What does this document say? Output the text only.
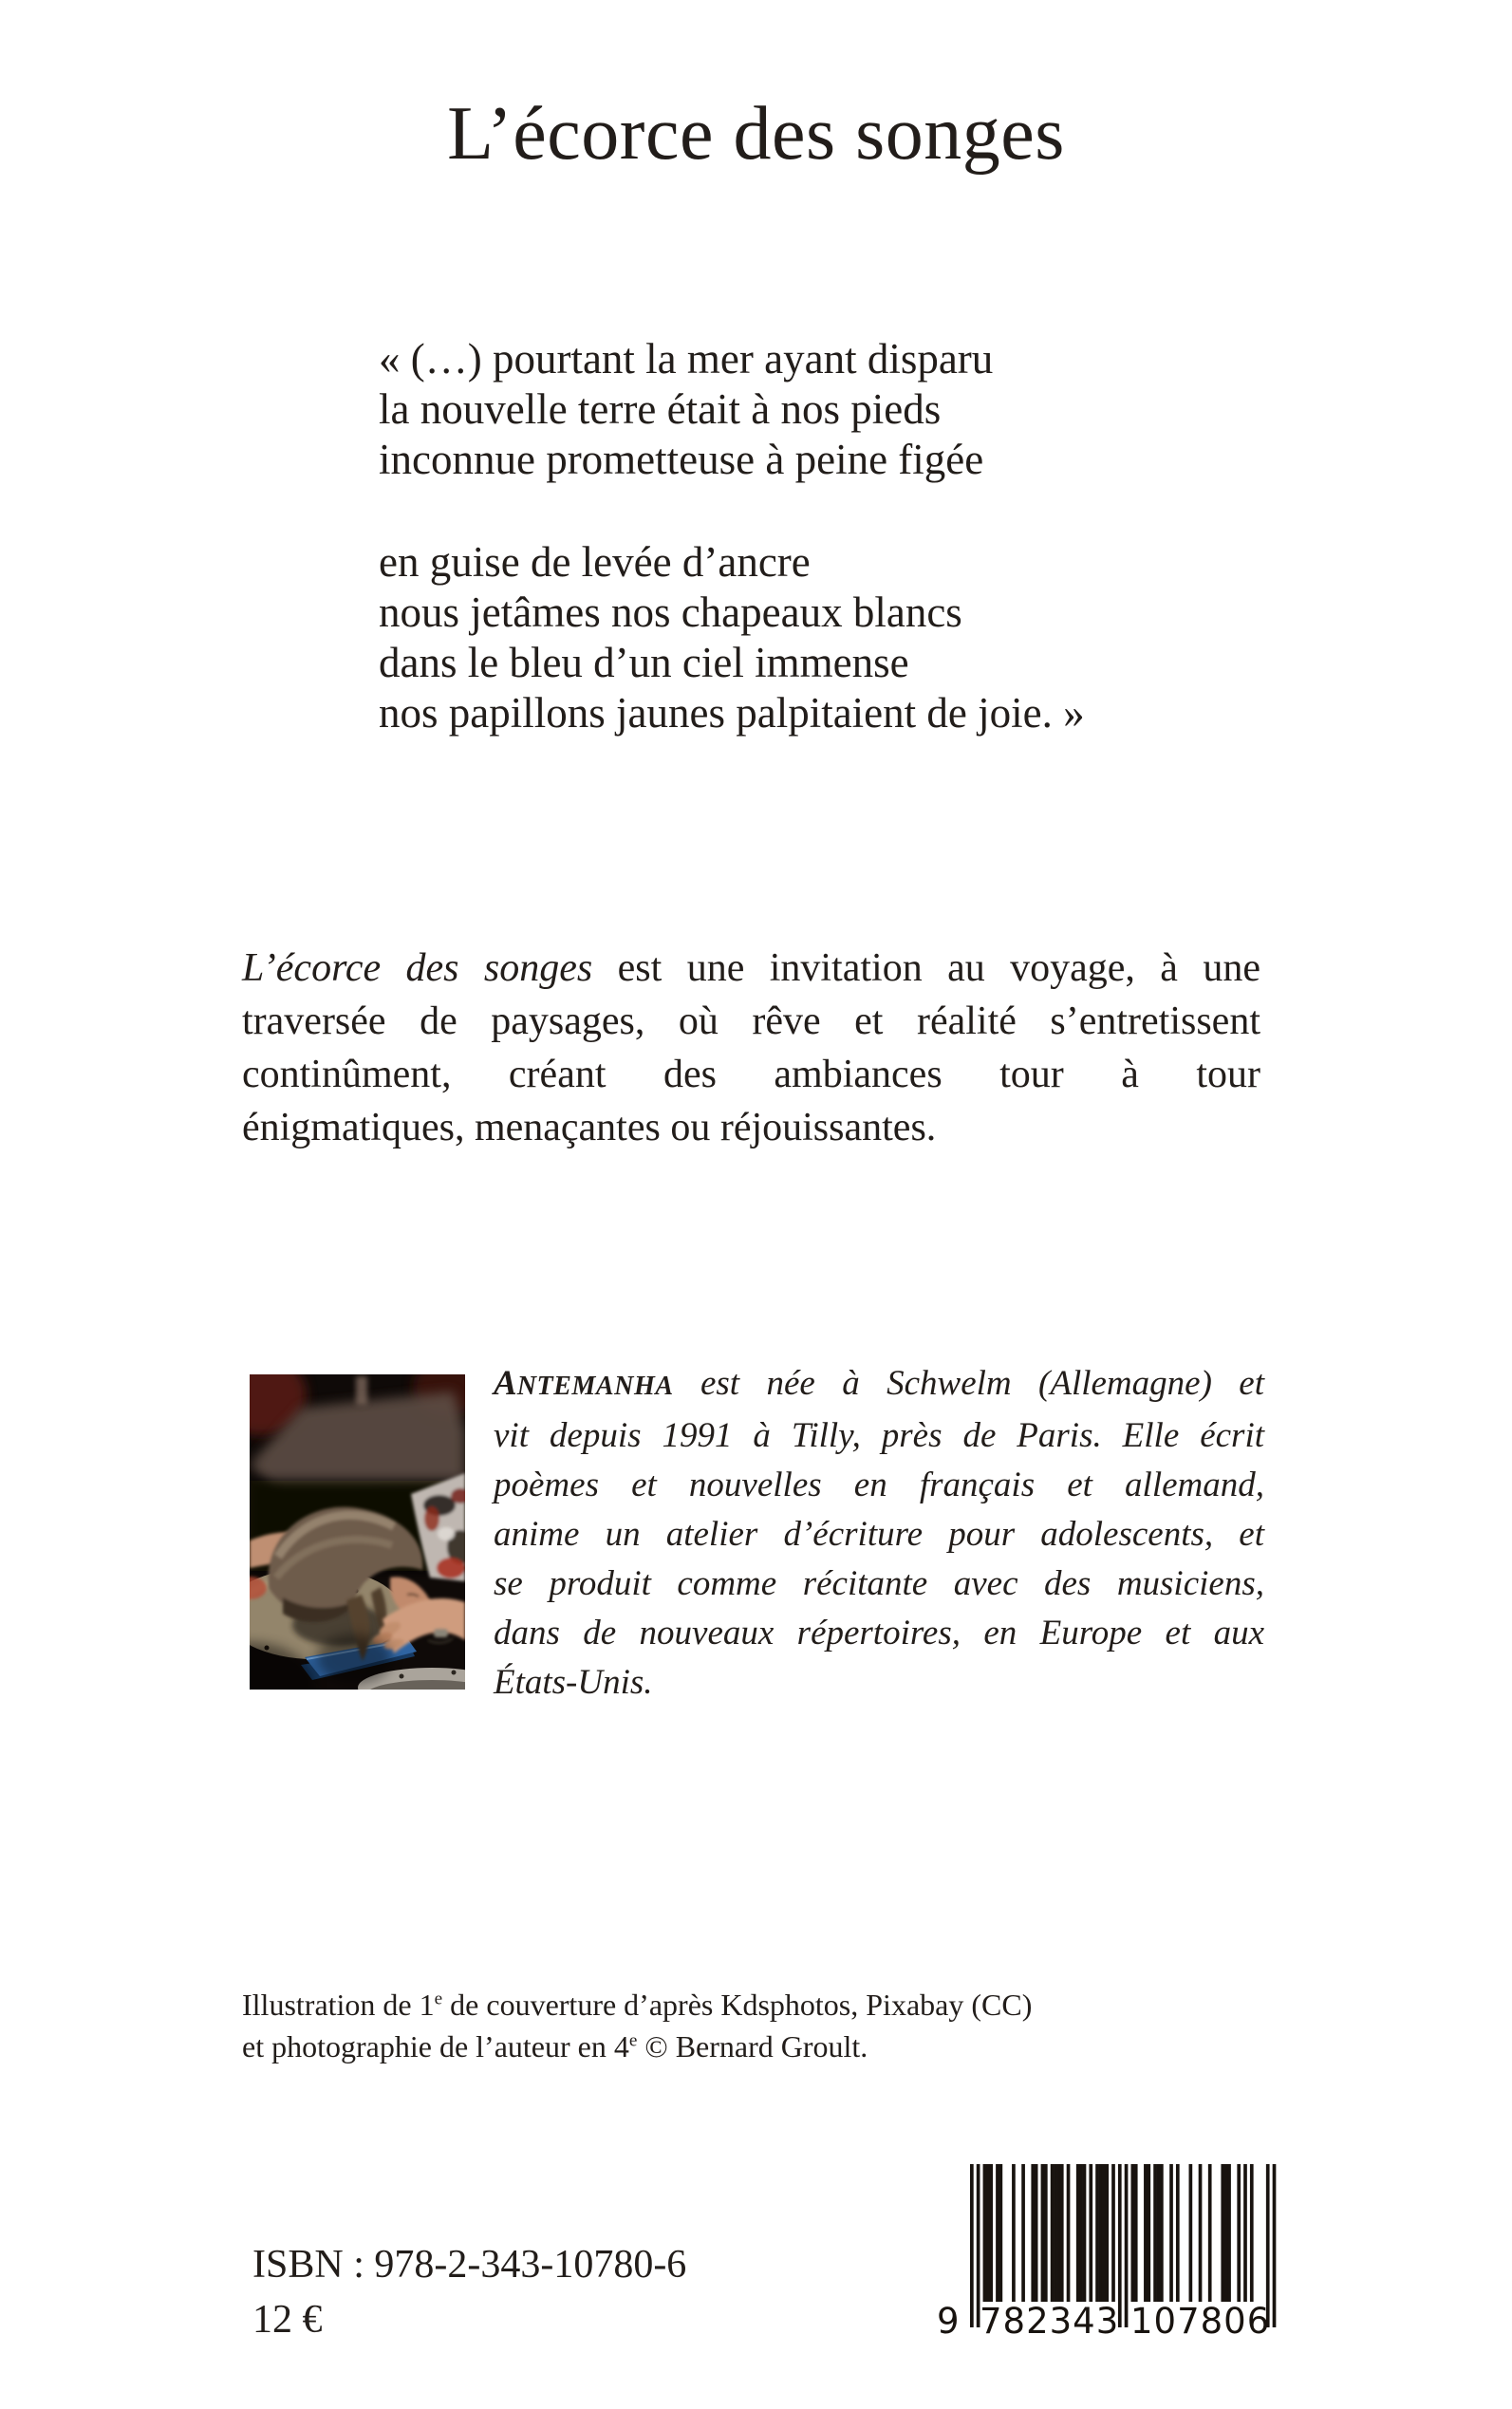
L’écorce des songes
« (…) pourtant la mer ayant disparu
la nouvelle terre était à nos pieds
inconnue prometteuse à peine figée
en guise de levée d’ancre
nous jetâmes nos chapeaux blancs
dans le bleu d’un ciel immense
nos papillons jaunes palpitaient de joie. »
L’écorce des songes est une invitation au voyage, à une
traversée de paysages, où rêve et réalité s’entretissent
continûment, créant des ambiances tour à tour
énigmatiques, menaçantes ou réjouissantes.
ANTEMANHA est née à Schwelm (Allemagne) et
vit depuis 1991 à Tilly, près de Paris. Elle écrit
poèmes et nouvelles en français et allemand,
anime un atelier d’écriture pour adolescents, et
se produit comme récitante avec des musiciens,
dans de nouveaux répertoires, en Europe et aux
États-Unis.
Illustration de 1e de couverture d’après Kdsphotos, Pixabay (CC)
et photographie de l’auteur en 4e © Bernard Groult.
ISBN : 978-2-343-10780-6
12 €	9 782343 107806
